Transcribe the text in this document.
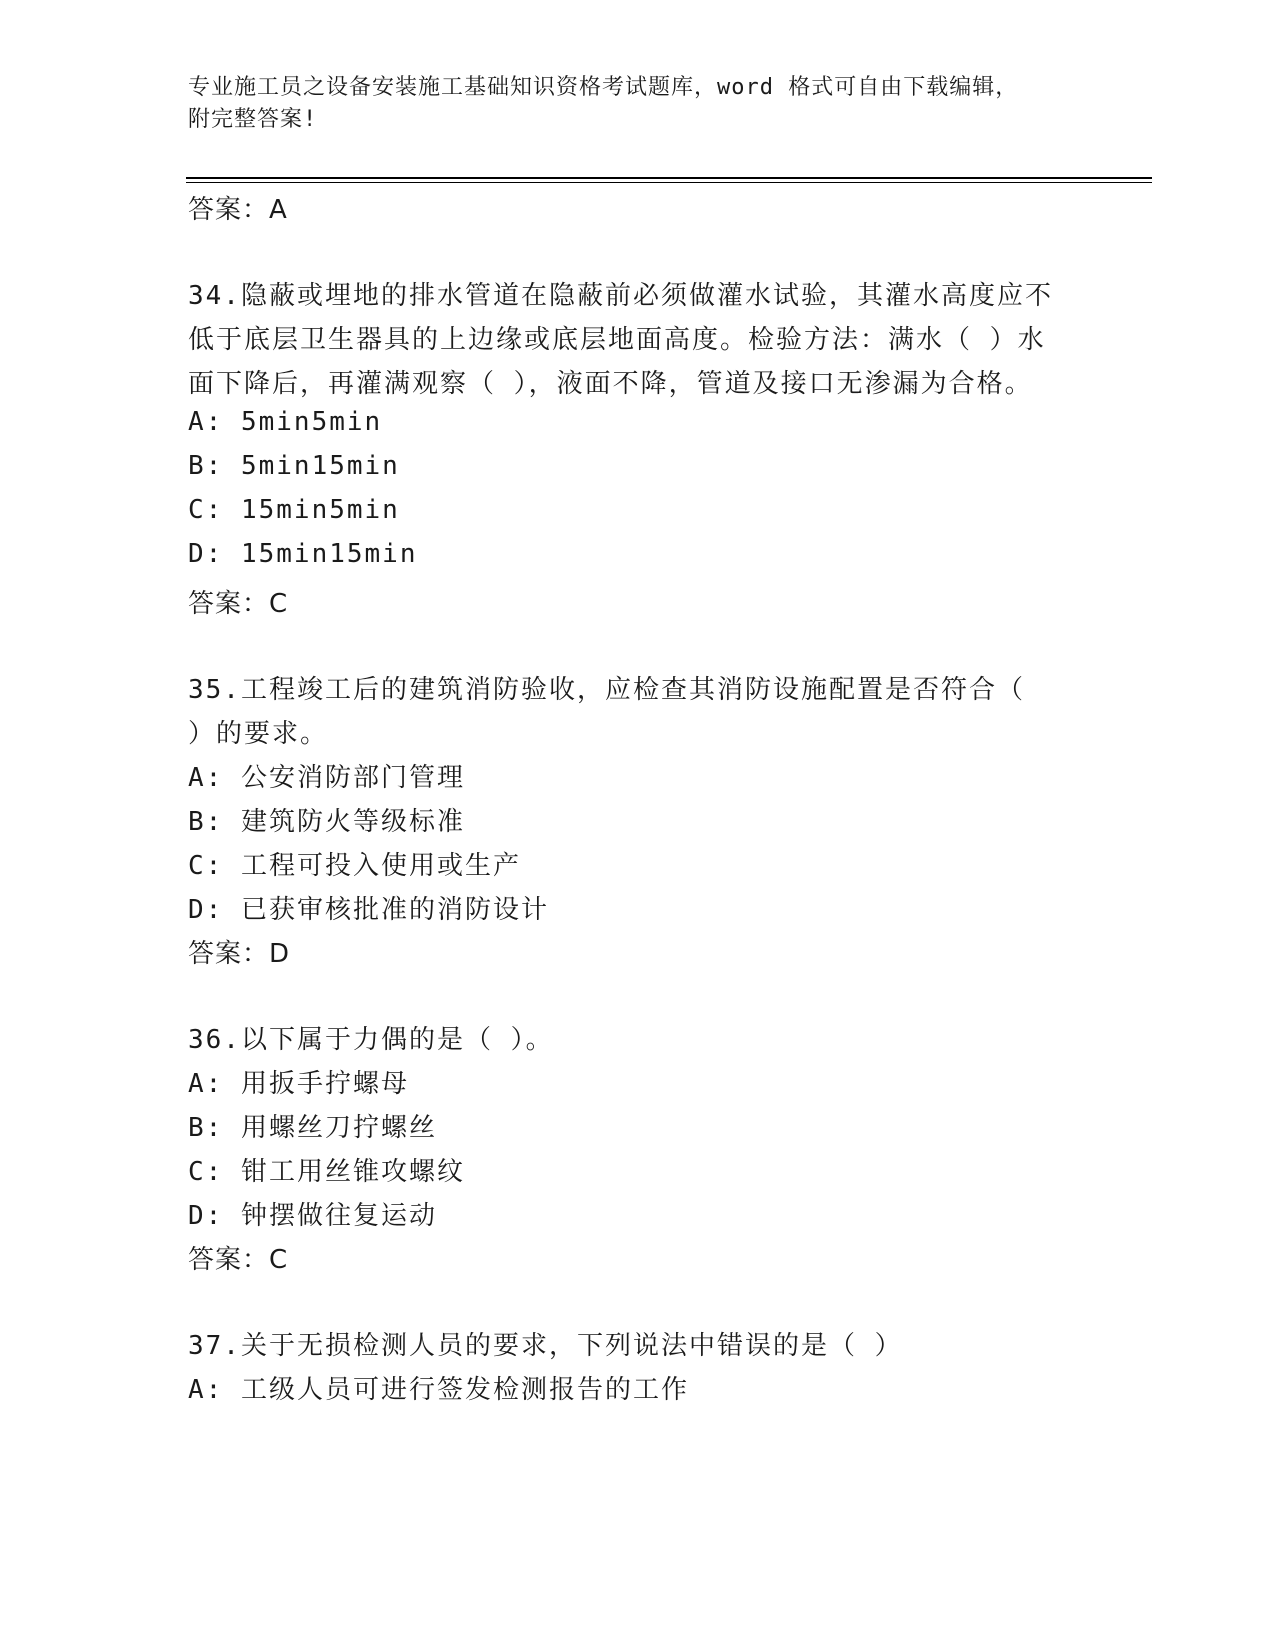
专业施工员之设备安装施工基础知识资格考试题库，word 格式可自由下载编辑，
附完整答案!
答案：A
34.隐蔽或埋地的排水管道在隐蔽前必须做灌水试验，其灌水高度应不
低于底层卫生器具的上边缘或底层地面高度。检验方法：满水（ ）水
面下降后，再灌满观察（ ），液面不降，管道及接口无渗漏为合格。
A: 5min5min
B: 5min15min
C: 15min5min
D: 15min15min
答案：C
35.工程竣工后的建筑消防验收，应检查其消防设施配置是否符合（
）的要求。
A: 公安消防部门管理
B: 建筑防火等级标准
C: 工程可投入使用或生产
D: 已获审核批准的消防设计
答案：D
36.以下属于力偶的是（ ）。
A: 用扳手拧螺母
B: 用螺丝刀拧螺丝
C: 钳工用丝锥攻螺纹
D: 钟摆做往复运动
答案：C
37.关于无损检测人员的要求，下列说法中错误的是（ ）
A: 工级人员可进行签发检测报告的工作
